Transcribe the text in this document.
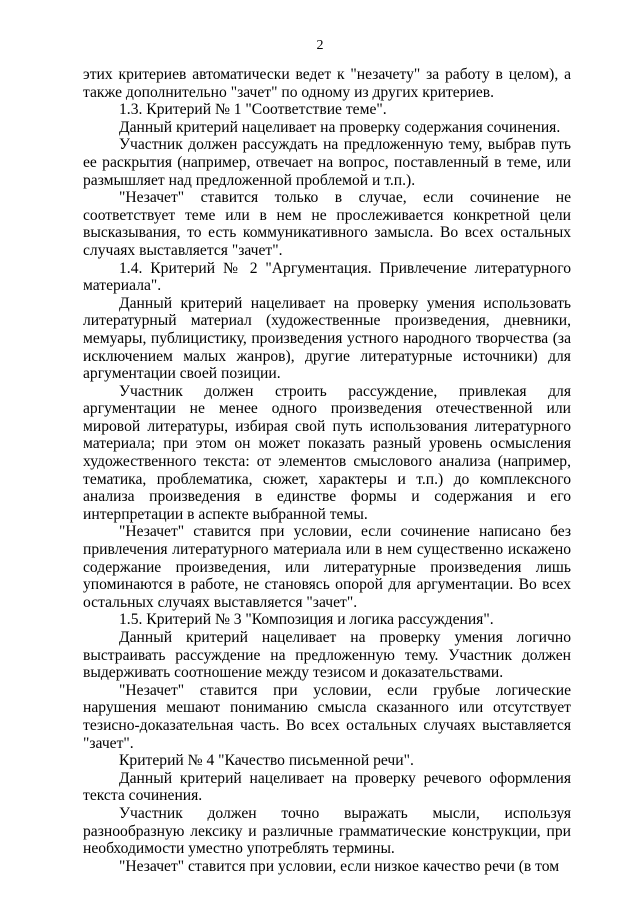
2

этих критериев автоматически ведет к "незачету" за работу в целом), а также дополнительно "зачет" по одному из других критериев.

1.3. Критерий № 1 "Соответствие теме".

Данный критерий нацеливает на проверку содержания сочинения.

Участник должен рассуждать на предложенную тему, выбрав путь ее раскрытия (например, отвечает на вопрос, поставленный в теме, или размышляет над предложенной проблемой и т.п.).

"Незачет" ставится только в случае, если сочинение не соответствует теме или в нем не прослеживается конкретной цели высказывания, то есть коммуникативного замысла. Во всех остальных случаях выставляется "зачет".

1.4. Критерий № 2 "Аргументация. Привлечение литературного материала".

Данный критерий нацеливает на проверку умения использовать литературный материал (художественные произведения, дневники, мемуары, публицистику, произведения устного народного творчества (за исключением малых жанров), другие литературные источники) для аргументации своей позиции.

Участник должен строить рассуждение, привлекая для аргументации не менее одного произведения отечественной или мировой литературы, избирая свой путь использования литературного материала; при этом он может показать разный уровень осмысления художественного текста: от элементов смыслового анализа (например, тематика, проблематика, сюжет, характеры и т.п.) до комплексного анализа произведения в единстве формы и содержания и его интерпретации в аспекте выбранной темы.

"Незачет" ставится при условии, если сочинение написано без привлечения литературного материала или в нем существенно искажено содержание произведения, или литературные произведения лишь упоминаются в работе, не становясь опорой для аргументации. Во всех остальных случаях выставляется "зачет".

1.5. Критерий № 3 "Композиция и логика рассуждения".

Данный критерий нацеливает на проверку умения логично выстраивать рассуждение на предложенную тему. Участник должен выдерживать соотношение между тезисом и доказательствами.

"Незачет" ставится при условии, если грубые логические нарушения мешают пониманию смысла сказанного или отсутствует тезисно-доказательная часть. Во всех остальных случаях выставляется "зачет".

Критерий № 4 "Качество письменной речи".

Данный критерий нацеливает на проверку речевого оформления текста сочинения.

Участник должен точно выражать мысли, используя разнообразную лексику и различные грамматические конструкции, при необходимости уместно употреблять термины.

"Незачет" ставится при условии, если низкое качество речи (в том
